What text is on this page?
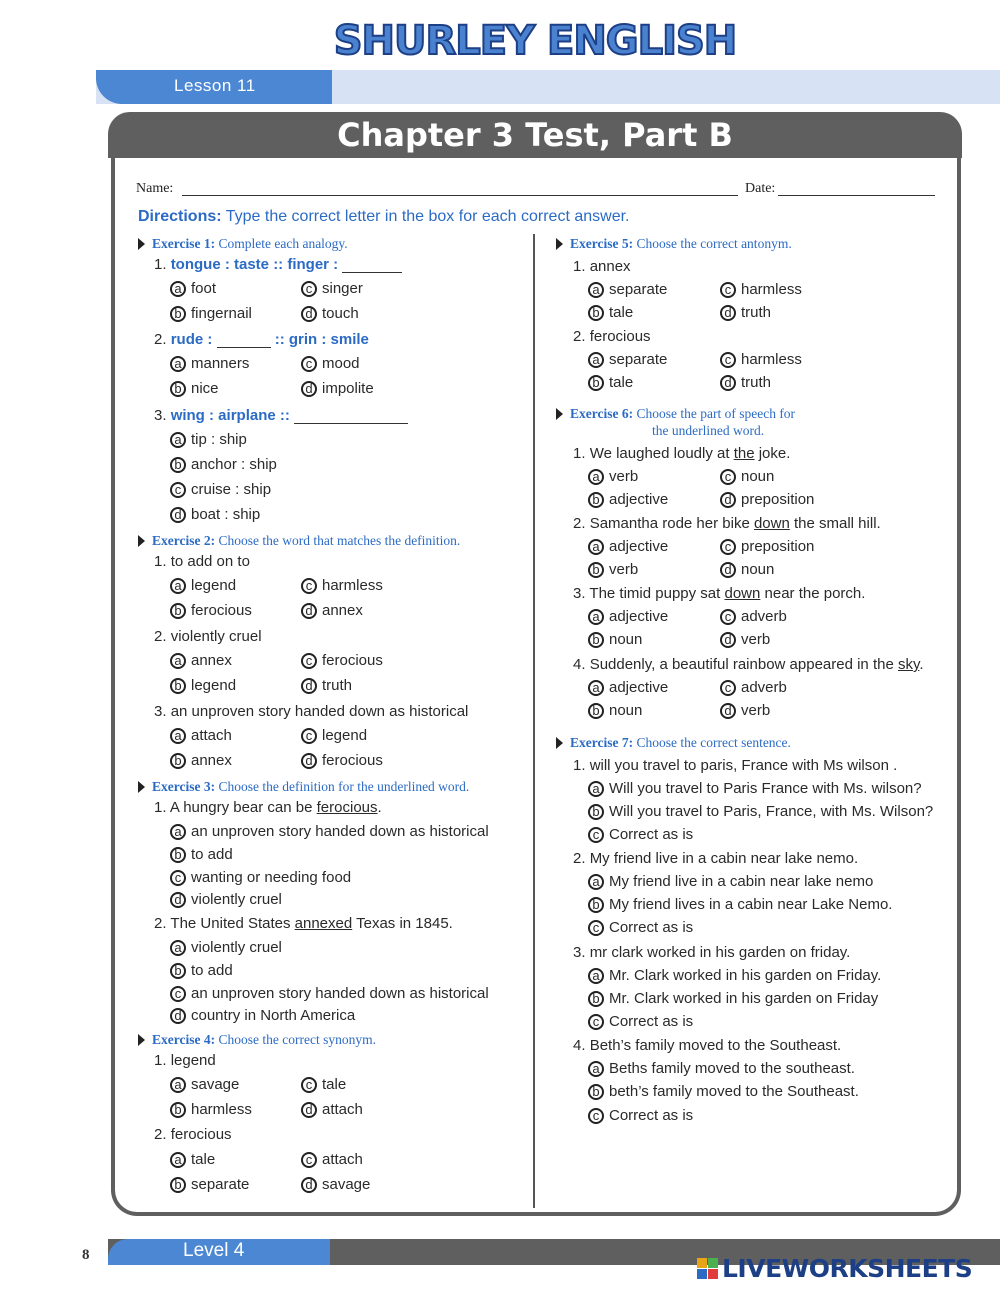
SHURLEY ENGLISH
Lesson 11
Chapter 3 Test, Part B
Name:	Date:
Directions: Type the correct letter in the box for each correct answer.
Exercise 1: Complete each analogy.
1. tongue : taste :: finger :
a foot	c singer
b fingernail	d touch
2. rude :	:: grin : smile
a manners	c mood
b nice	d impolite
3. wing : airplane ::
a tip : ship
b anchor : ship
c cruise : ship
d boat : ship
Exercise 2: Choose the word that matches the definition.
1. to add on to
a legend	c harmless
b ferocious	d annex
2. violently cruel
a annex	c ferocious
b legend	d truth
3. an unproven story handed down as historical
a attach	c legend
b annex	d ferocious
Exercise 3: Choose the definition for the underlined word.
1. A hungry bear can be ferocious.
a an unproven story handed down as historical
b to add
c wanting or needing food
d violently cruel
2. The United States annexed Texas in 1845.
a violently cruel
b to add
c an unproven story handed down as historical
d country in North America
Exercise 4: Choose the correct synonym.
1. legend
a savage	c tale
b harmless	d attach
2. ferocious
a tale	c attach
b separate	d savage
Exercise 5: Choose the correct antonym.
1. annex
a separate	c harmless
b tale	d truth
2. ferocious
a separate	c harmless
b tale	d truth
Exercise 6: Choose the part of speech for
the underlined word.
1. We laughed loudly at the joke.
a verb	c noun
b adjective	d preposition
2. Samantha rode her bike down the small hill.
a adjective	c preposition
b verb	d noun
3. The timid puppy sat down near the porch.
a adjective	c adverb
b noun	d verb
4. Suddenly, a beautiful rainbow appeared in the sky.
a adjective	c adverb
b noun	d verb
Exercise 7: Choose the correct sentence.
1. will you travel to paris, France with Ms wilson .
a Will you travel to Paris France with Ms. wilson?
b Will you travel to Paris, France, with Ms. Wilson?
c Correct as is
2. My friend live in a cabin near lake nemo.
a My friend live in a cabin near lake nemo
b My friend lives in a cabin near Lake Nemo.
c Correct as is
3. mr clark worked in his garden on friday.
a Mr. Clark worked in his garden on Friday.
b Mr. Clark worked in his garden on Friday
c Correct as is
4. Beth’s family moved to the Southeast.
a Beths family moved to the southeast.
b beth’s family moved to the Southeast.
c Correct as is
8	Level 4
LIVEWORKSHEETS
